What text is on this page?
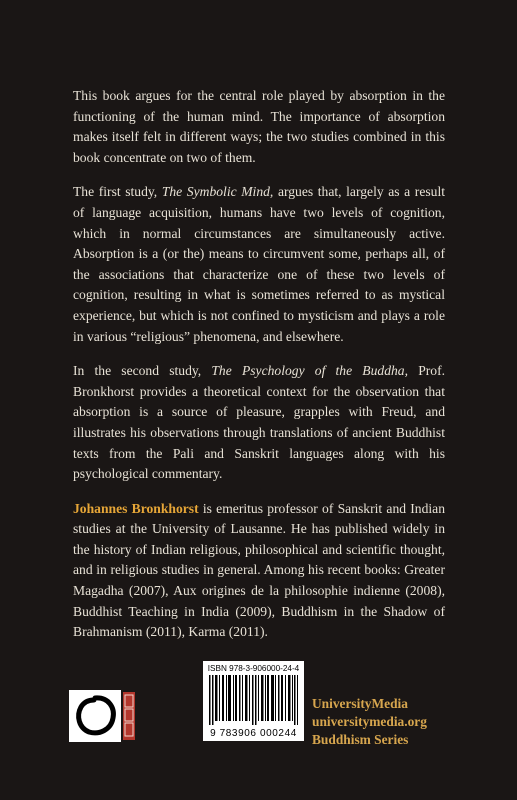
This book argues for the central role played by absorption in the functioning of the human mind. The importance of absorption makes itself felt in different ways; the two studies combined in this book concentrate on two of them.

The first study, The Symbolic Mind, argues that, largely as a result of language acquisition, humans have two levels of cognition, which in normal circumstances are simultaneously active. Absorption is a (or the) means to circumvent some, perhaps all, of the associations that characterize one of these two levels of cognition, resulting in what is sometimes referred to as mystical experience, but which is not confined to mysticism and plays a role in various “religious” phenomena, and elsewhere.

In the second study, The Psychology of the Buddha, Prof. Bronkhorst provides a theoretical context for the observation that absorption is a source of pleasure, grapples with Freud, and illustrates his observations through translations of ancient Buddhist texts from the Pali and Sanskrit languages along with his psychological commentary.

Johannes Bronkhorst is emeritus professor of Sanskrit and Indian studies at the University of Lausanne. He has published widely in the history of Indian religious, philosophical and scientific thought, and in religious studies in general. Among his recent books: Greater Magadha (2007), Aux origines de la philosophie indienne (2008), Buddhist Teaching in India (2009), Buddhism in the Shadow of Brahmanism (2011), Karma (2011).

ISBN 978-3-906000-24-4
9 783906 000244
UniversityMedia
universitymedia.org
Buddhism Series
